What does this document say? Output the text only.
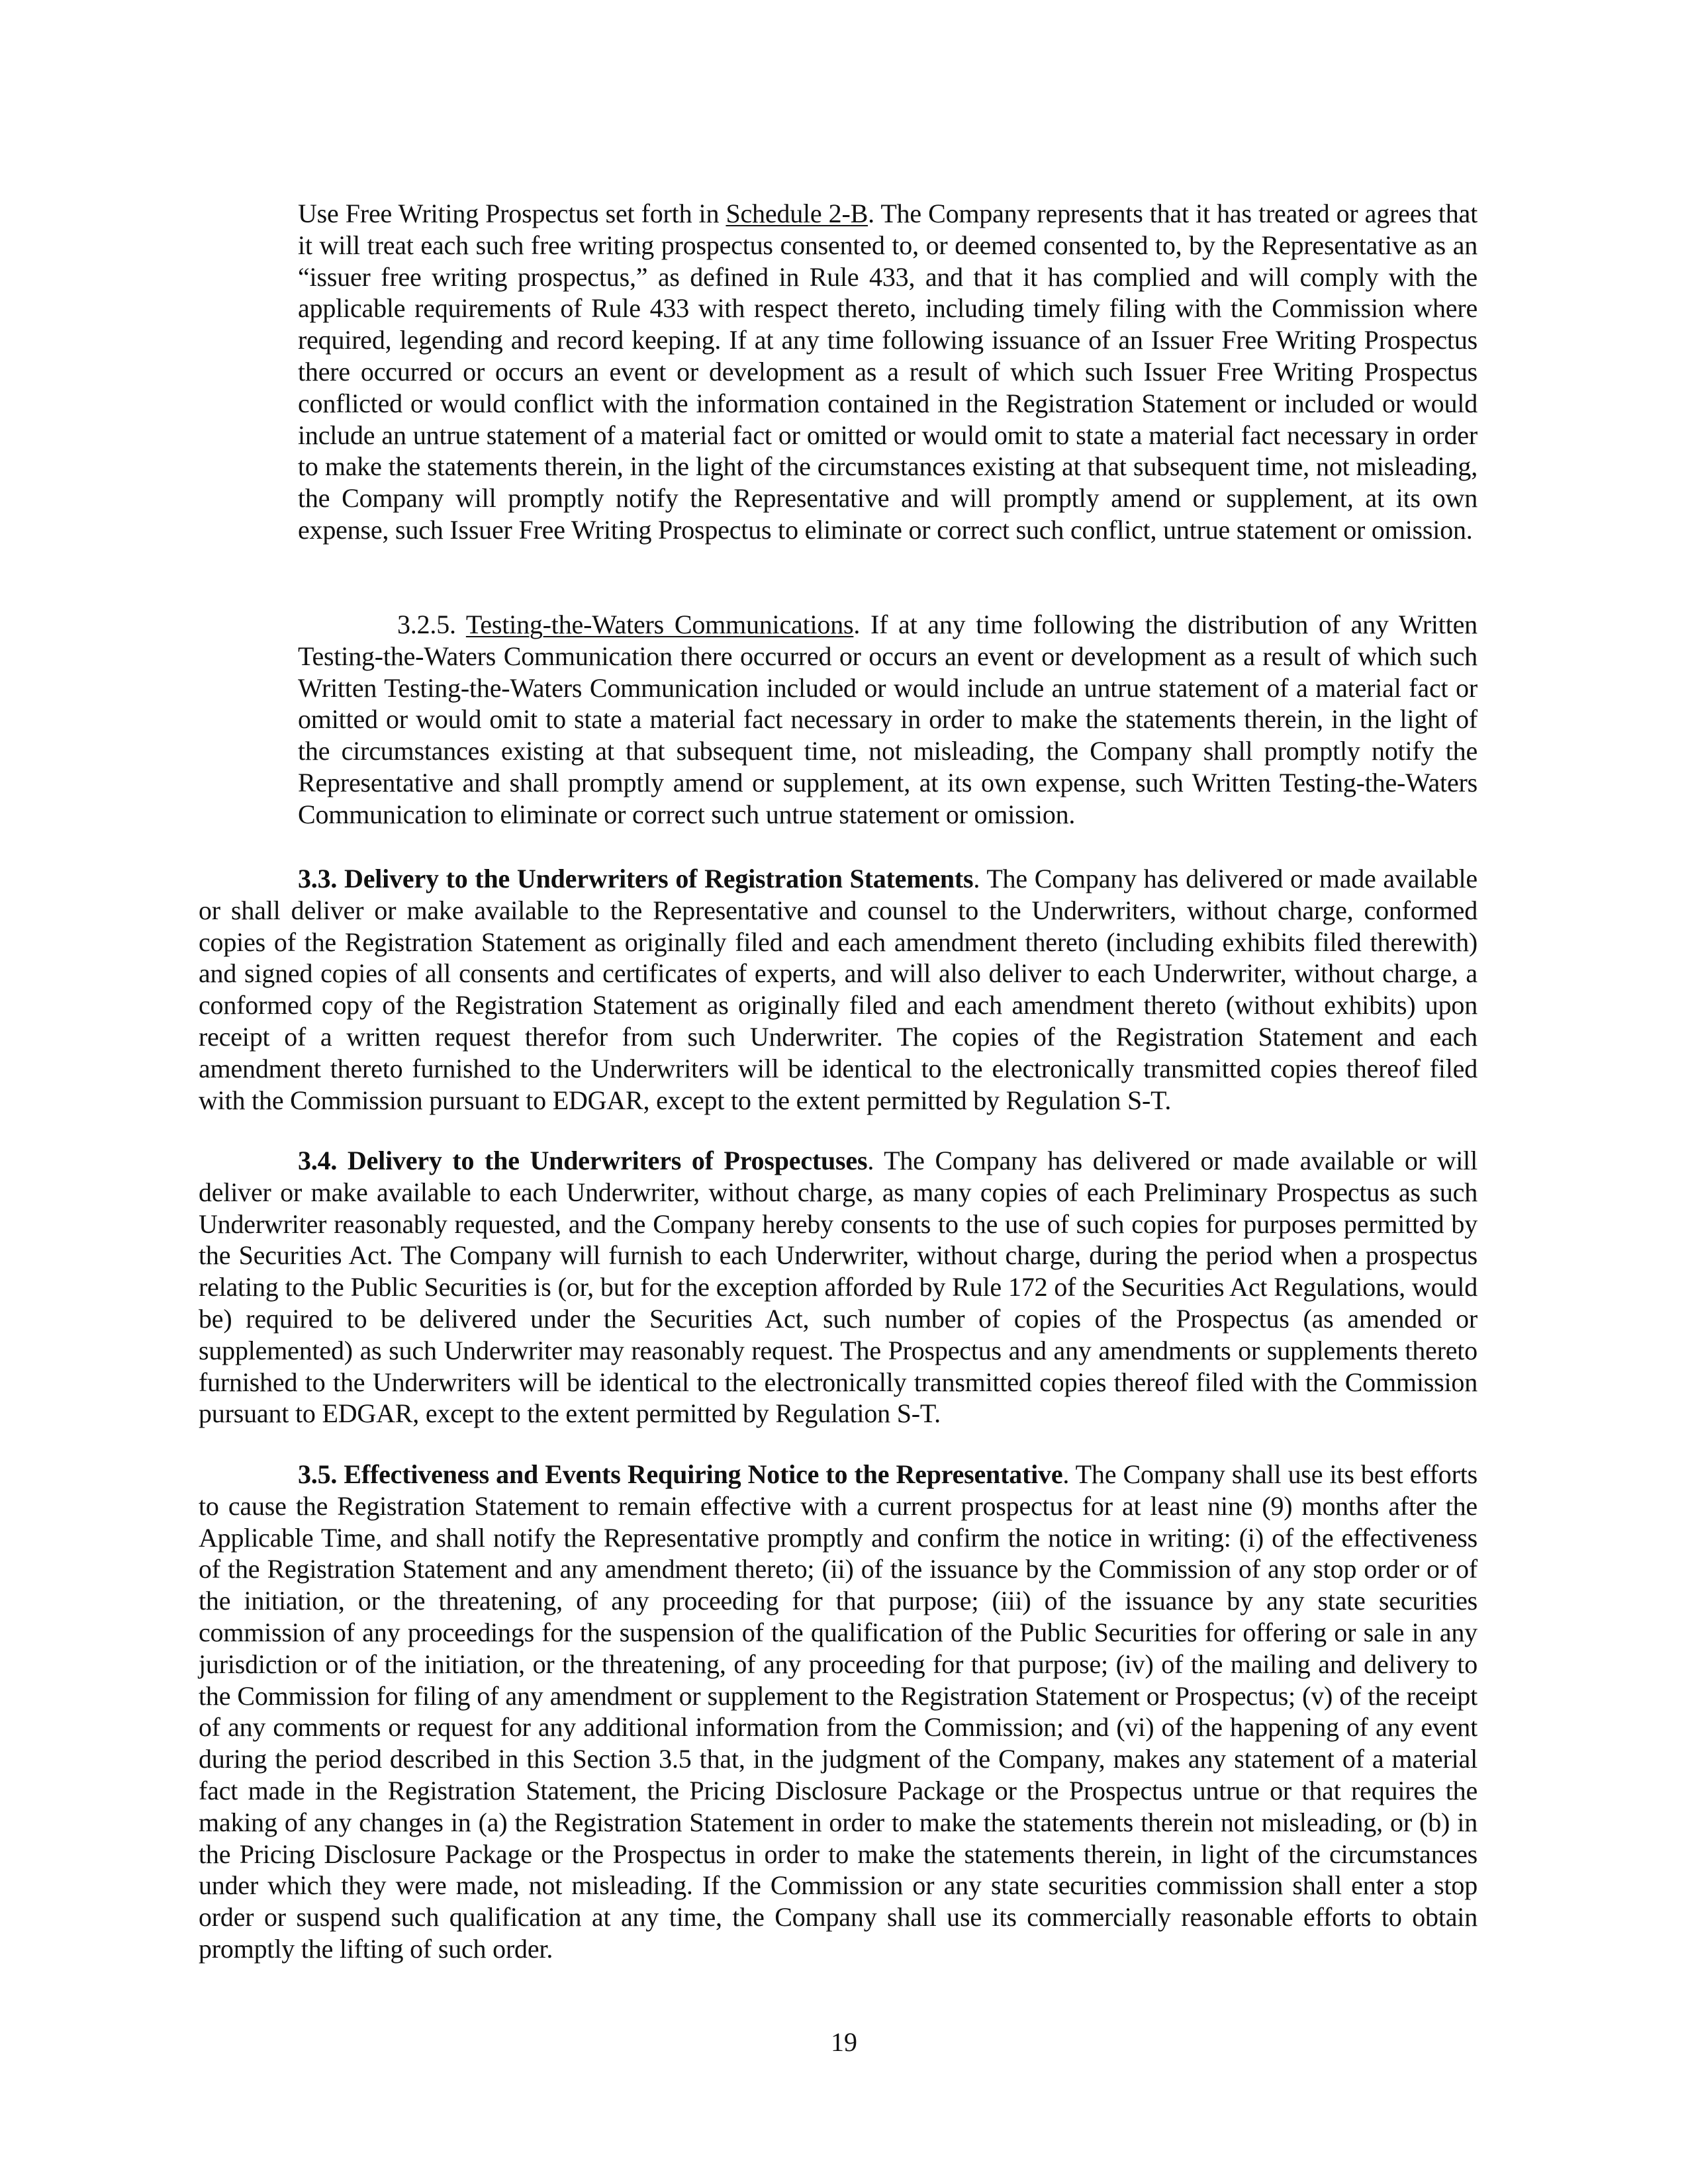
Use Free Writing Prospectus set forth in Schedule 2-B. The Company represents that it has treated or agrees that it will treat each such free writing prospectus consented to, or deemed consented to, by the Representative as an “issuer free writing prospectus,” as defined in Rule 433, and that it has complied and will comply with the applicable requirements of Rule 433 with respect thereto, including timely filing with the Commission where required, legending and record keeping. If at any time following issuance of an Issuer Free Writing Prospectus there occurred or occurs an event or development as a result of which such Issuer Free Writing Prospectus conflicted or would conflict with the information contained in the Registration Statement or included or would include an untrue statement of a material fact or omitted or would omit to state a material fact necessary in order to make the statements therein, in the light of the circumstances existing at that subsequent time, not misleading, the Company will promptly notify the Representative and will promptly amend or supplement, at its own expense, such Issuer Free Writing Prospectus to eliminate or correct such conflict, untrue statement or omission.

3.2.5. Testing-the-Waters Communications. If at any time following the distribution of any Written Testing-the-Waters Communication there occurred or occurs an event or development as a result of which such Written Testing-the-Waters Communication included or would include an untrue statement of a material fact or omitted or would omit to state a material fact necessary in order to make the statements therein, in the light of the circumstances existing at that subsequent time, not misleading, the Company shall promptly notify the Representative and shall promptly amend or supplement, at its own expense, such Written Testing-the-Waters Communication to eliminate or correct such untrue statement or omission.

3.3. Delivery to the Underwriters of Registration Statements. The Company has delivered or made available or shall deliver or make available to the Representative and counsel to the Underwriters, without charge, conformed copies of the Registration Statement as originally filed and each amendment thereto (including exhibits filed therewith) and signed copies of all consents and certificates of experts, and will also deliver to each Underwriter, without charge, a conformed copy of the Registration Statement as originally filed and each amendment thereto (without exhibits) upon receipt of a written request therefor from such Underwriter. The copies of the Registration Statement and each amendment thereto furnished to the Underwriters will be identical to the electronically transmitted copies thereof filed with the Commission pursuant to EDGAR, except to the extent permitted by Regulation S-T.

3.4. Delivery to the Underwriters of Prospectuses. The Company has delivered or made available or will deliver or make available to each Underwriter, without charge, as many copies of each Preliminary Prospectus as such Underwriter reasonably requested, and the Company hereby consents to the use of such copies for purposes permitted by the Securities Act. The Company will furnish to each Underwriter, without charge, during the period when a prospectus relating to the Public Securities is (or, but for the exception afforded by Rule 172 of the Securities Act Regulations, would be) required to be delivered under the Securities Act, such number of copies of the Prospectus (as amended or supplemented) as such Underwriter may reasonably request. The Prospectus and any amendments or supplements thereto furnished to the Underwriters will be identical to the electronically transmitted copies thereof filed with the Commission pursuant to EDGAR, except to the extent permitted by Regulation S-T.

3.5. Effectiveness and Events Requiring Notice to the Representative. The Company shall use its best efforts to cause the Registration Statement to remain effective with a current prospectus for at least nine (9) months after the Applicable Time, and shall notify the Representative promptly and confirm the notice in writing: (i) of the effectiveness of the Registration Statement and any amendment thereto; (ii) of the issuance by the Commission of any stop order or of the initiation, or the threatening, of any proceeding for that purpose; (iii) of the issuance by any state securities commission of any proceedings for the suspension of the qualification of the Public Securities for offering or sale in any jurisdiction or of the initiation, or the threatening, of any proceeding for that purpose; (iv) of the mailing and delivery to the Commission for filing of any amendment or supplement to the Registration Statement or Prospectus; (v) of the receipt of any comments or request for any additional information from the Commission; and (vi) of the happening of any event during the period described in this Section 3.5 that, in the judgment of the Company, makes any statement of a material fact made in the Registration Statement, the Pricing Disclosure Package or the Prospectus untrue or that requires the making of any changes in (a) the Registration Statement in order to make the statements therein not misleading, or (b) in the Pricing Disclosure Package or the Prospectus in order to make the statements therein, in light of the circumstances under which they were made, not misleading. If the Commission or any state securities commission shall enter a stop order or suspend such qualification at any time, the Company shall use its commercially reasonable efforts to obtain promptly the lifting of such order.

19
